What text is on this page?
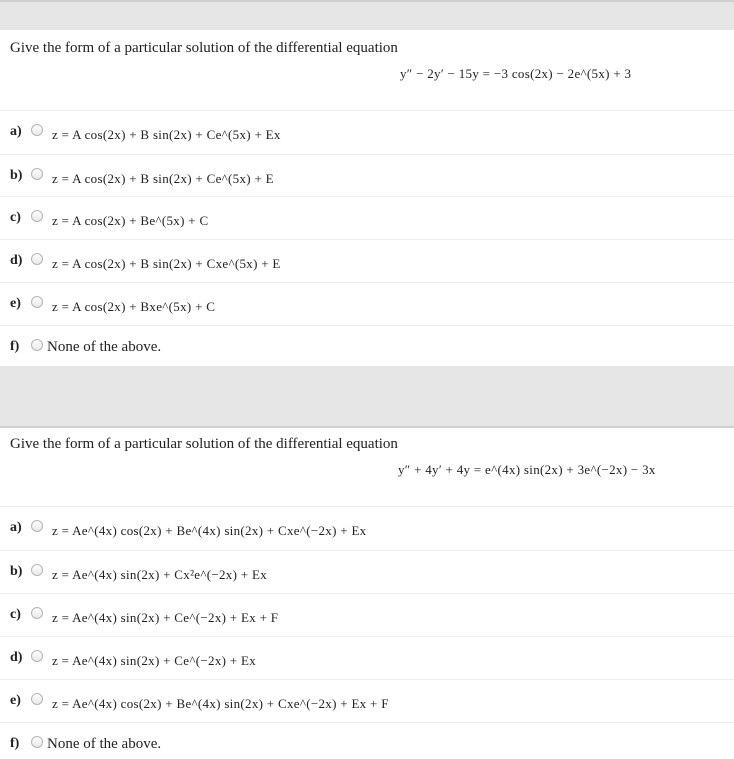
Give the form of a particular solution of the differential equation
y″ − 2y′ − 15y = −3 cos(2x) − 2e^(5x) + 3
a) z = A cos(2x) + B sin(2x) + Ce^(5x) + Ex
b) z = A cos(2x) + B sin(2x) + Ce^(5x) + E
c) z = A cos(2x) + Be^(5x) + C
d) z = A cos(2x) + B sin(2x) + Cxe^(5x) + E
e) z = A cos(2x) + Bxe^(5x) + C
f) None of the above.
Give the form of a particular solution of the differential equation
y″ + 4y′ + 4y = e^(4x) sin(2x) + 3e^(−2x) − 3x
a) z = Ae^(4x) cos(2x) + Be^(4x) sin(2x) + Cxe^(−2x) + Ex
b) z = Ae^(4x) sin(2x) + Cx²e^(−2x) + Ex
c) z = Ae^(4x) sin(2x) + Ce^(−2x) + Ex + F
d) z = Ae^(4x) sin(2x) + Ce^(−2x) + Ex
e) z = Ae^(4x) cos(2x) + Be^(4x) sin(2x) + Cxe^(−2x) + Ex + F
f) None of the above.
